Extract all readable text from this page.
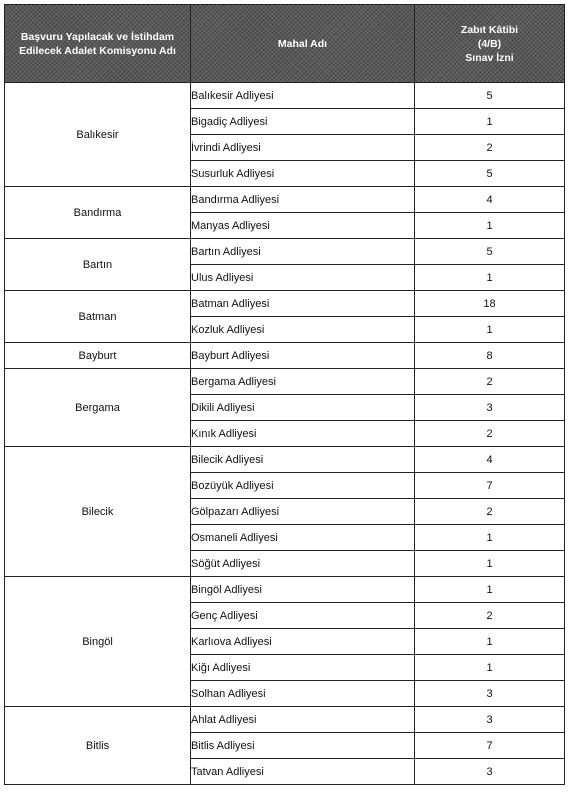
Başvuru Yapılacak ve İstihdam
Edilecek Adalet Komisyonu Adı	Mahal Adı	Zabıt Kâtibi
(4/B)
Sınav İzni

Balıkesir	Balıkesir Adliyesi	5
	Bigadiç Adliyesi	1
	İvrindi Adliyesi	2
	Susurluk Adliyesi	5
Bandırma	Bandırma Adliyesi	4
	Manyas Adliyesi	1
Bartın	Bartın Adliyesi	5
	Ulus Adliyesi	1
Batman	Batman Adliyesi	18
	Kozluk Adliyesi	1
Bayburt	Bayburt Adliyesi	8
Bergama	Bergama Adliyesi	2
	Dikili Adliyesi	3
	Kınık Adliyesi	2
Bilecik	Bilecik Adliyesi	4
	Bozüyük Adliyesi	7
	Gölpazarı Adliyesi	2
	Osmaneli Adliyesi	1
	Söğüt Adliyesi	1
Bingöl	Bingöl Adliyesi	1
	Genç Adliyesi	2
	Karlıova Adliyesi	1
	Kiğı Adliyesi	1
	Solhan Adliyesi	3
Bitlis	Ahlat Adliyesi	3
	Bitlis Adliyesi	7
	Tatvan Adliyesi	3
